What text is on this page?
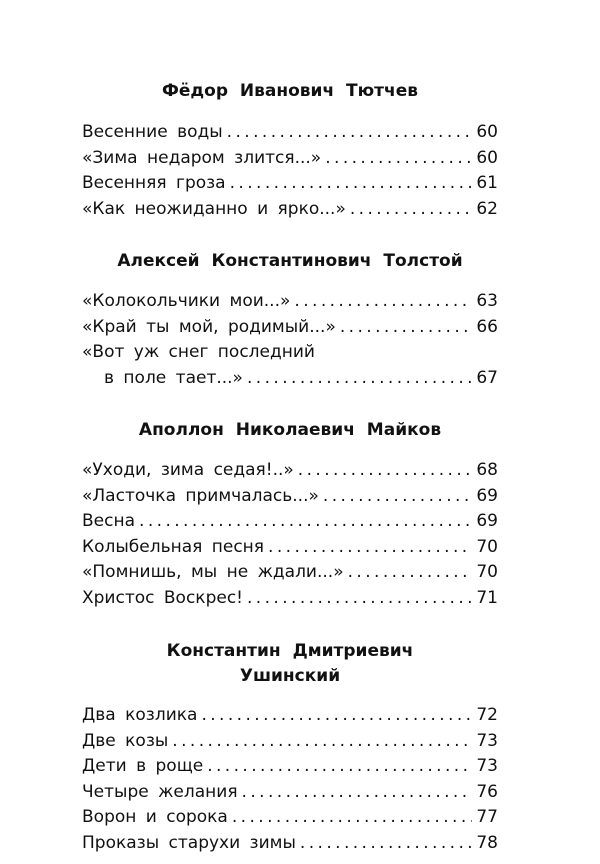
Фёдор Иванович Тютчев

Весенние воды . . .	60
«Зима недаром злится...» . . .	60
Весенняя гроза . . .	61
«Как неожиданно и ярко...» . . .	62

Алексей Константинович Толстой

«Колокольчики мои...» . . .	63
«Край ты мой, родимый...» . . .	66
«Вот уж снег последний
в поле тает...» . . .	67

Аполлон Николаевич Майков

«Уходи, зима седая!..» . . .	68
«Ласточка примчалась...» . . .	69
Весна . . .	69
Колыбельная песня . . .	70
«Помнишь, мы не ждали...» . . .	70
Христос Воскрес! . . .	71

Константин Дмитриевич

Ушинский

Два козлика . . .	72
Две козы . . .	73
Дети в роще . . .	73
Четыре желания . . .	76
Ворон и сорока . . .	77
Проказы старухи зимы . . .	78
